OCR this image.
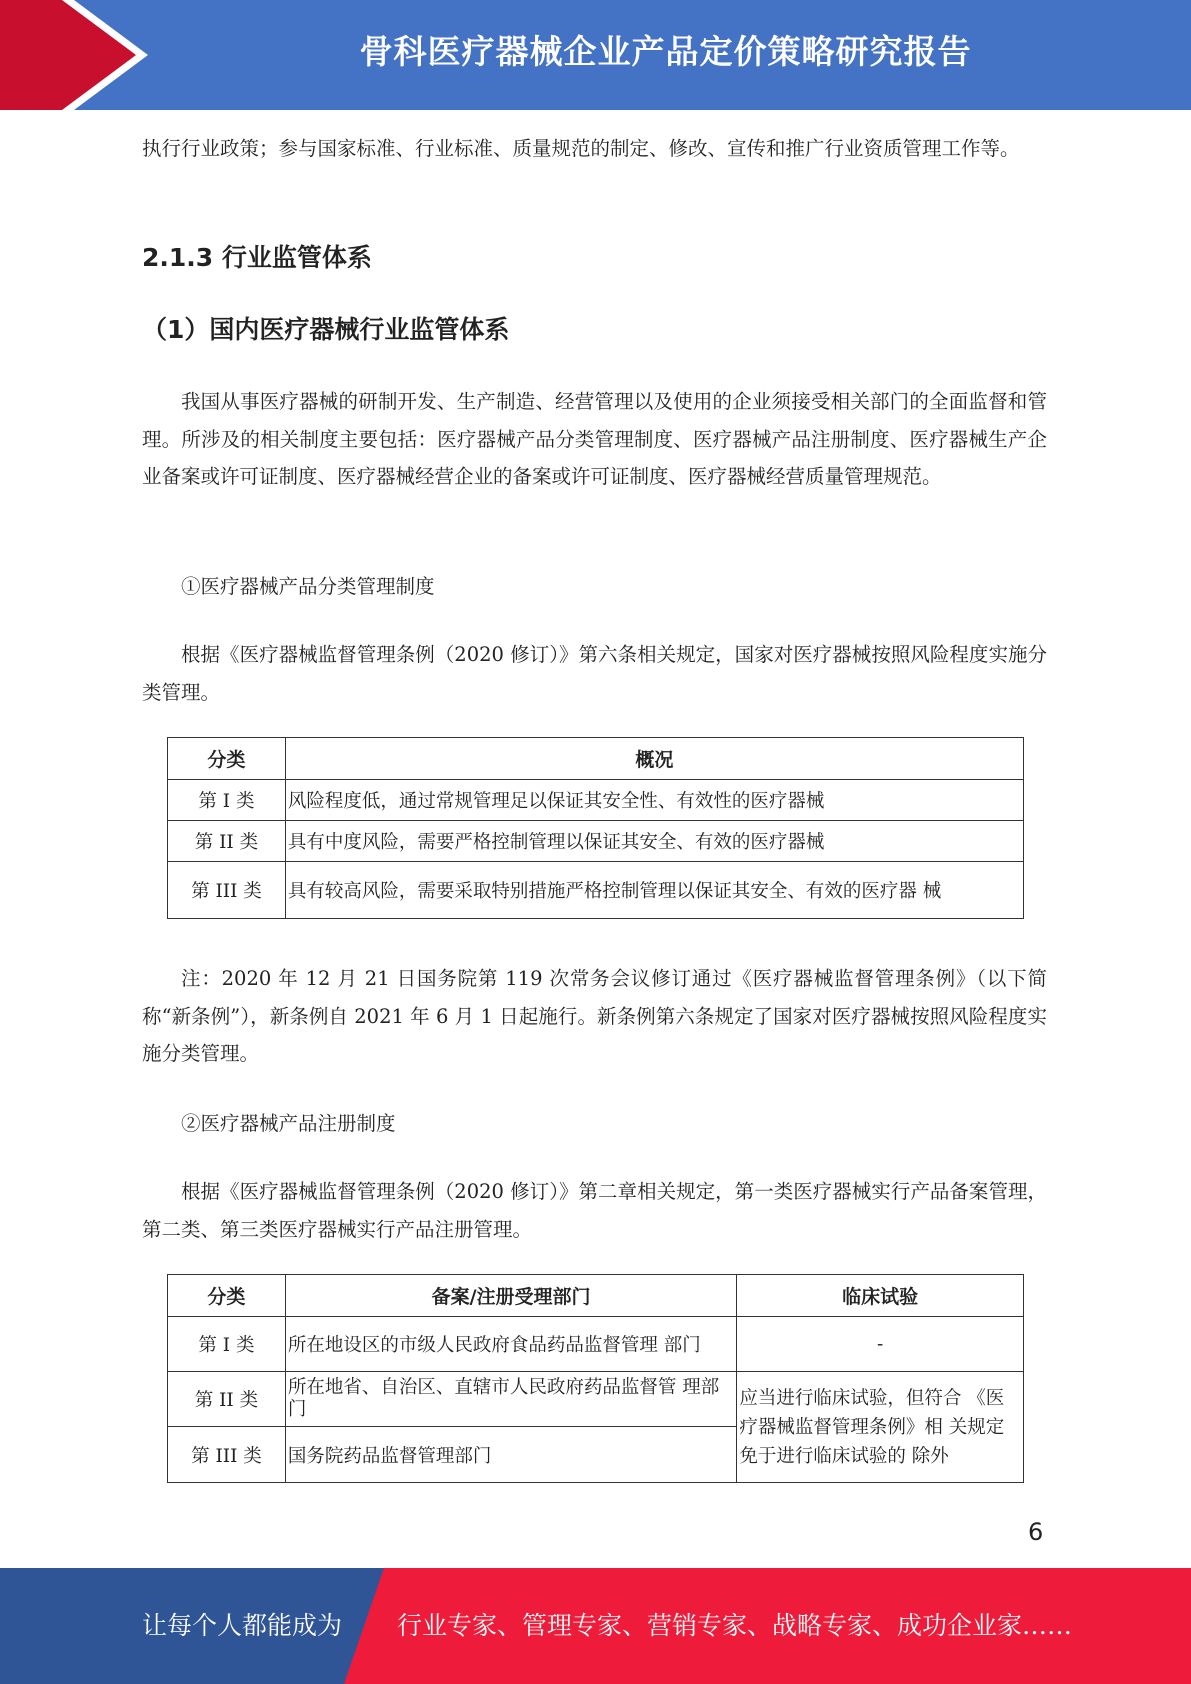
骨科医疗器械企业产品定价策略研究报告

执行行业政策；参与国家标准、行业标准、质量规范的制定、修改、宣传和推广行业资质管理工作等。

2.1.3 行业监管体系
（1）国内医疗器械行业监管体系

我国从事医疗器械的研制开发、生产制造、经营管理以及使用的企业须接受相关部门的全面监督和管理。所涉及的相关制度主要包括：医疗器械产品分类管理制度、医疗器械产品注册制度、医疗器械生产企业备案或许可证制度、医疗器械经营企业的备案或许可证制度、医疗器械经营质量管理规范。

①医疗器械产品分类管理制度

根据《医疗器械监督管理条例（2020 修订）》第六条相关规定，国家对医疗器械按照风险程度实施分类管理。

分类	概况
第 I 类	风险程度低，通过常规管理足以保证其安全性、有效性的医疗器械
第 II 类	具有中度风险，需要严格控制管理以保证其安全、有效的医疗器械
第 III 类	具有较高风险，需要采取特别措施严格控制管理以保证其安全、有效的医疗器 械

注：2020 年 12 月 21 日国务院第 119 次常务会议修订通过《医疗器械监督管理条例》（以下简称“新条例”），新条例自 2021 年 6 月 1 日起施行。新条例第六条规定了国家对医疗器械按照风险程度实施分类管理。

②医疗器械产品注册制度

根据《医疗器械监督管理条例（2020 修订）》第二章相关规定，第一类医疗器械实行产品备案管理，第二类、第三类医疗器械实行产品注册管理。

分类	备案/注册受理部门	临床试验
第 I 类	所在地设区的市级人民政府食品药品监督管理 部门	-
第 II 类	所在地省、自治区、直辖市人民政府药品监督管 理部门	应当进行临床试验，但符合 《医疗器械监督管理条例》相 关规定免于进行临床试验的 除外
第 III 类	国务院药品监督管理部门	
6
让每个人都能成为 行业专家、管理专家、营销专家、战略专家、成功企业家……
